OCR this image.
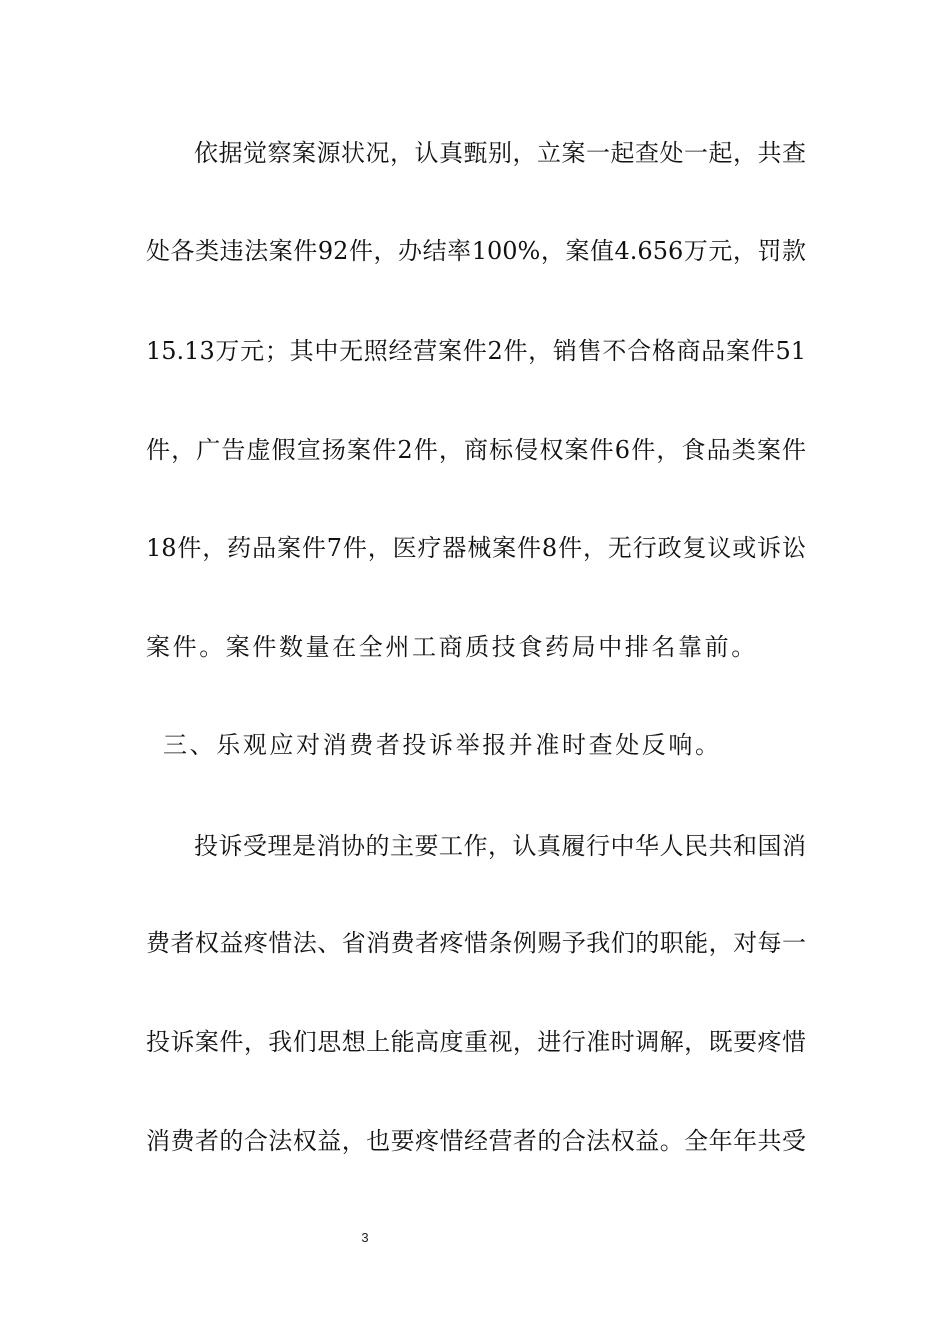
依据觉察案源状况，认真甄别，立案一起查处一起，共查

处各类违法案件92件，办结率100%，案值4.656万元，罚款

15.13万元；其中无照经营案件2件，销售不合格商品案件51

件，广告虚假宣扬案件2件，商标侵权案件6件，食品类案件

18件，药品案件7件，医疗器械案件8件，无行政复议或诉讼

案件。案件数量在全州工商质技食药局中排名靠前。

三、乐观应对消费者投诉举报并准时查处反响。

投诉受理是消协的主要工作，认真履行中华人民共和国消

费者权益疼惜法、省消费者疼惜条例赐予我们的职能，对每一

投诉案件，我们思想上能高度重视，进行准时调解，既要疼惜

消费者的合法权益，也要疼惜经营者的合法权益。全年年共受

3
